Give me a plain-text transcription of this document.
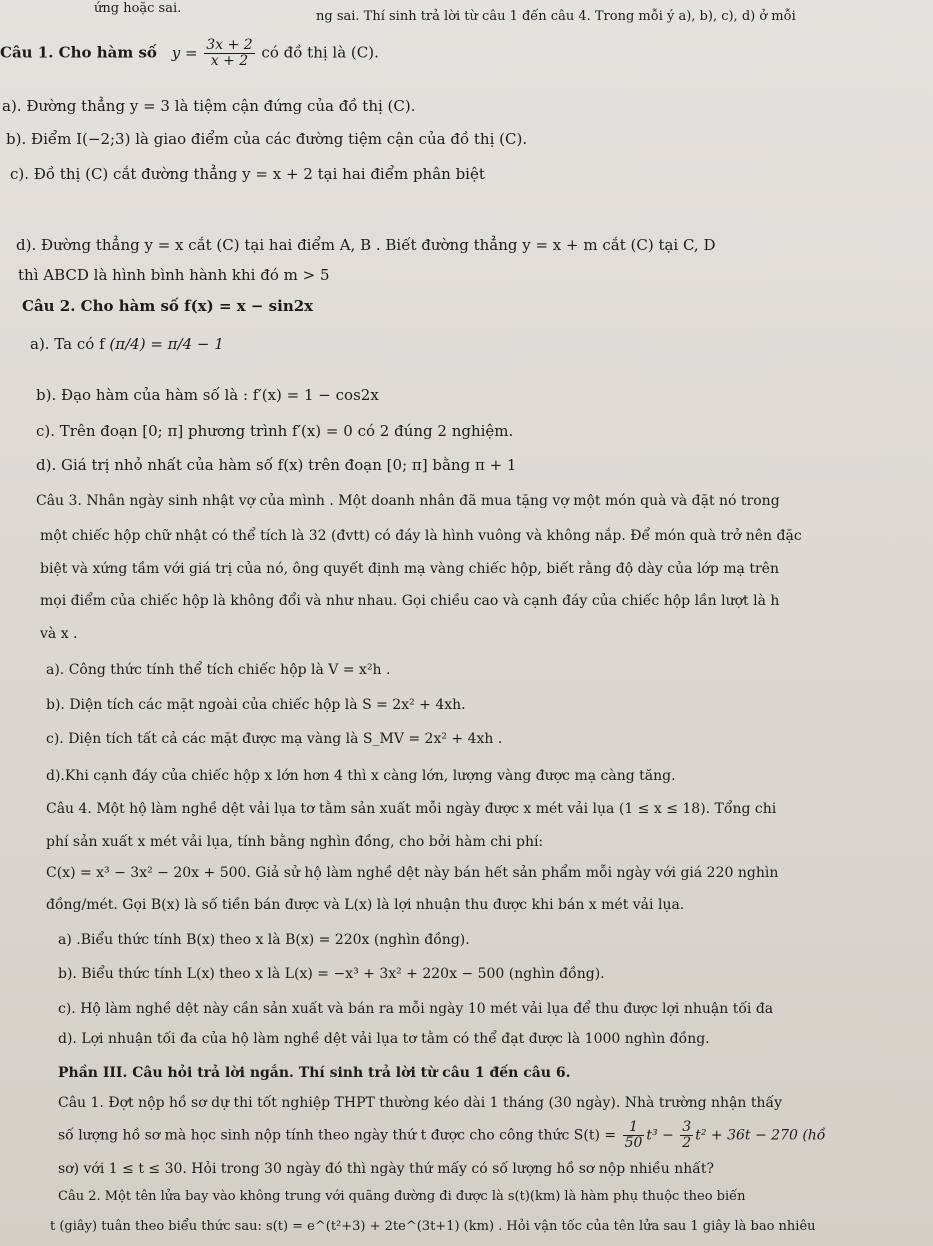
ứng hoặc sai.
ng sai. Thí sinh trả lời từ câu 1 đến câu 4. Trong mỗi ý a), b), c), d) ở mỗi
Câu 1. Cho hàm số $y = \frac{3x + 2}{x + 2}$ có đồ thị là (C).
a). Đường thẳng y = 3 là tiệm cận đứng của đồ thị (C).
b). Điểm I(−2;3) là giao điểm của các đường tiệm cận của đồ thị (C).
c). Đồ thị (C) cắt đường thẳng y = x + 2 tại hai điểm phân biệt
d). Đường thẳng y = x cắt (C) tại hai điểm A, B . Biết đường thẳng y = x + m cắt (C) tại C, D
thì ABCD là hình bình hành khi đó m > 5
Câu 2. Cho hàm số f(x) = x − sin2x
a). Ta có f (π/4) = π/4 − 1
b). Đạo hàm của hàm số là : f′(x) = 1 − cos2x
c). Trên đoạn [0; π] phương trình f′(x) = 0 có 2 đúng 2 nghiệm.
d). Giá trị nhỏ nhất của hàm số f(x) trên đoạn [0; π] bằng π + 1
Câu 3. Nhân ngày sinh nhật vợ của mình . Một doanh nhân đã mua tặng vợ một món quà và đặt nó trong
một chiếc hộp chữ nhật có thể tích là 32 (đvtt) có đáy là hình vuông và không nắp. Để món quà trở nên đặc
biệt và xứng tầm với giá trị của nó, ông quyết định mạ vàng chiếc hộp, biết rằng độ dày của lớp mạ trên
mọi điểm của chiếc hộp là không đổi và như nhau. Gọi chiều cao và cạnh đáy của chiếc hộp lần lượt là h
và x .
a). Công thức tính thể tích chiếc hộp là V = x²h .
b). Diện tích các mặt ngoài của chiếc hộp là S = 2x² + 4xh.
c). Diện tích tất cả các mặt được mạ vàng là S_MV = 2x² + 4xh .
d).Khi cạnh đáy của chiếc hộp x lớn hơn 4 thì x càng lớn, lượng vàng được mạ càng tăng.
Câu 4. Một hộ làm nghề dệt vải lụa tơ tằm sản xuất mỗi ngày được x mét vải lụa (1 ≤ x ≤ 18). Tổng chi
phí sản xuất x mét vải lụa, tính bằng nghìn đồng, cho bởi hàm chi phí:
C(x) = x³ − 3x² − 20x + 500. Giả sử hộ làm nghề dệt này bán hết sản phẩm mỗi ngày với giá 220 nghìn
đồng/mét. Gọi B(x) là số tiền bán được và L(x) là lợi nhuận thu được khi bán x mét vải lụa.
a) .Biểu thức tính B(x) theo x là B(x) = 220x (nghìn đồng).
b). Biểu thức tính L(x) theo x là L(x) = −x³ + 3x² + 220x − 500 (nghìn đồng).
c). Hộ làm nghề dệt này cần sản xuất và bán ra mỗi ngày 10 mét vải lụa để thu được lợi nhuận tối đa
d). Lợi nhuận tối đa của hộ làm nghề dệt vải lụa tơ tằm có thể đạt được là 1000 nghìn đồng.
Phần III. Câu hỏi trả lời ngắn. Thí sinh trả lời từ câu 1 đến câu 6.
Câu 1. Đợt nộp hồ sơ dự thi tốt nghiệp THPT thường kéo dài 1 tháng (30 ngày). Nhà trường nhận thấy
số lượng hồ sơ mà học sinh nộp tính theo ngày thứ t được cho công thức $S(t) = \frac{1}{50} t^3 - \frac{3}{2} t^2 + 36t - 270$ (hồ
sơ) với 1 ≤ t ≤ 30. Hỏi trong 30 ngày đó thì ngày thứ mấy có số lượng hồ sơ nộp nhiều nhất?
Câu 2. Một tên lửa bay vào không trung với quãng đường đi được là s(t)(km) là hàm phụ thuộc theo biến
t (giây) tuân theo biểu thức sau: s(t) = e^(t²+3) + 2te^(3t+1) (km) . Hỏi vận tốc của tên lửa sau 1 giây là bao nhiêu
